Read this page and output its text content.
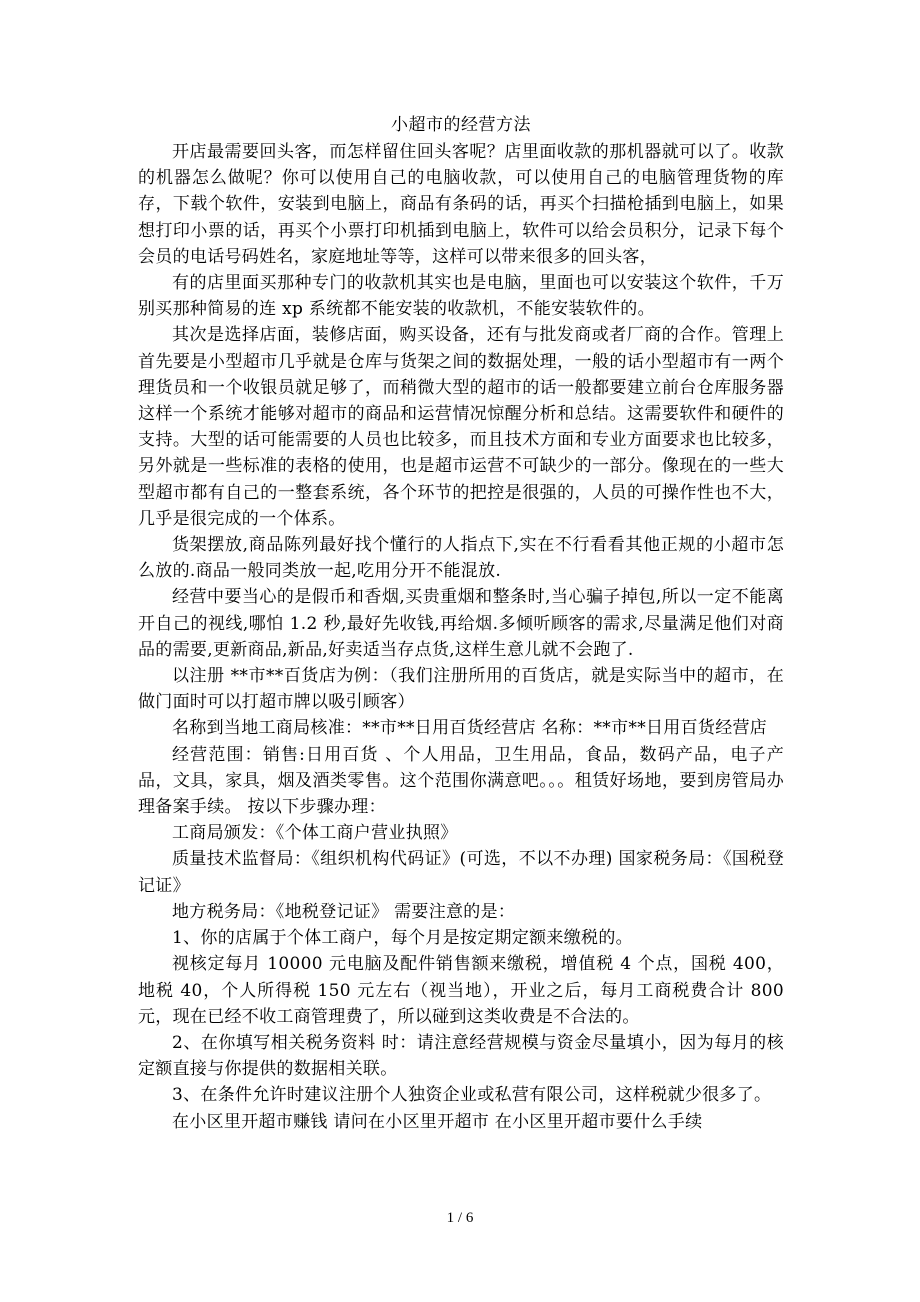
小超市的经营方法

开店最需要回头客，而怎样留住回头客呢？店里面收款的那机器就可以了。收款的机器怎么做呢？你可以使用自己的电脑收款，可以使用自己的电脑管理货物的库存，下载个软件，安装到电脑上，商品有条码的话，再买个扫描枪插到电脑上，如果想打印小票的话，再买个小票打印机插到电脑上，软件可以给会员积分，记录下每个会员的电话号码姓名，家庭地址等等，这样可以带来很多的回头客，

有的店里面买那种专门的收款机其实也是电脑，里面也可以安装这个软件，千万别买那种简易的连 xp 系统都不能安装的收款机，不能安装软件的。

其次是选择店面，装修店面，购买设备，还有与批发商或者厂商的合作。管理上首先要是小型超市几乎就是仓库与货架之间的数据处理，一般的话小型超市有一两个理货员和一个收银员就足够了，而稍微大型的超市的话一般都要建立前台仓库服务器这样一个系统才能够对超市的商品和运营情况惊醒分析和总结。这需要软件和硬件的支持。大型的话可能需要的人员也比较多，而且技术方面和专业方面要求也比较多，另外就是一些标准的表格的使用，也是超市运营不可缺少的一部分。像现在的一些大型超市都有自己的一整套系统，各个环节的把控是很强的，人员的可操作性也不大，几乎是很完成的一个体系。

货架摆放,商品陈列最好找个懂行的人指点下,实在不行看看其他正规的小超市怎么放的.商品一般同类放一起,吃用分开不能混放.

经营中要当心的是假币和香烟,买贵重烟和整条时,当心骗子掉包,所以一定不能离开自己的视线,哪怕 1.2 秒,最好先收钱,再给烟.多倾听顾客的需求,尽量满足他们对商品的需要,更新商品,新品,好卖适当存点货,这样生意儿就不会跑了.

以注册 **市**百货店为例：（我们注册所用的百货店，就是实际当中的超市，在做门面时可以打超市牌以吸引顾客）

名称到当地工商局核准：**市**日用百货经营店 名称：**市**日用百货经营店

经营范围：销售:日用百货 、个人用品，卫生用品，食品，数码产品，电子产品，文具，家具，烟及酒类零售。这个范围你满意吧。。。租赁好场地，要到房管局办理备案手续。 按以下步骤办理：

工商局颁发：《个体工商户营业执照》

质量技术监督局：《组织机构代码证》(可选，不以不办理) 国家税务局：《国税登记证》

地方税务局：《地税登记证》 需要注意的是：

1、你的店属于个体工商户，每个月是按定期定额来缴税的。

视核定每月 10000 元电脑及配件销售额来缴税，增值税 4 个点，国税 400，地税 40，个人所得税 150 元左右（视当地），开业之后，每月工商税费合计 800 元，现在已经不收工商管理费了，所以碰到这类收费是不合法的。

2、在你填写相关税务资料 时：请注意经营规模与资金尽量填小，因为每月的核定额直接与你提供的数据相关联。

3、在条件允许时建议注册个人独资企业或私营有限公司，这样税就少很多了。

在小区里开超市赚钱 请问在小区里开超市 在小区里开超市要什么手续

1 / 6
